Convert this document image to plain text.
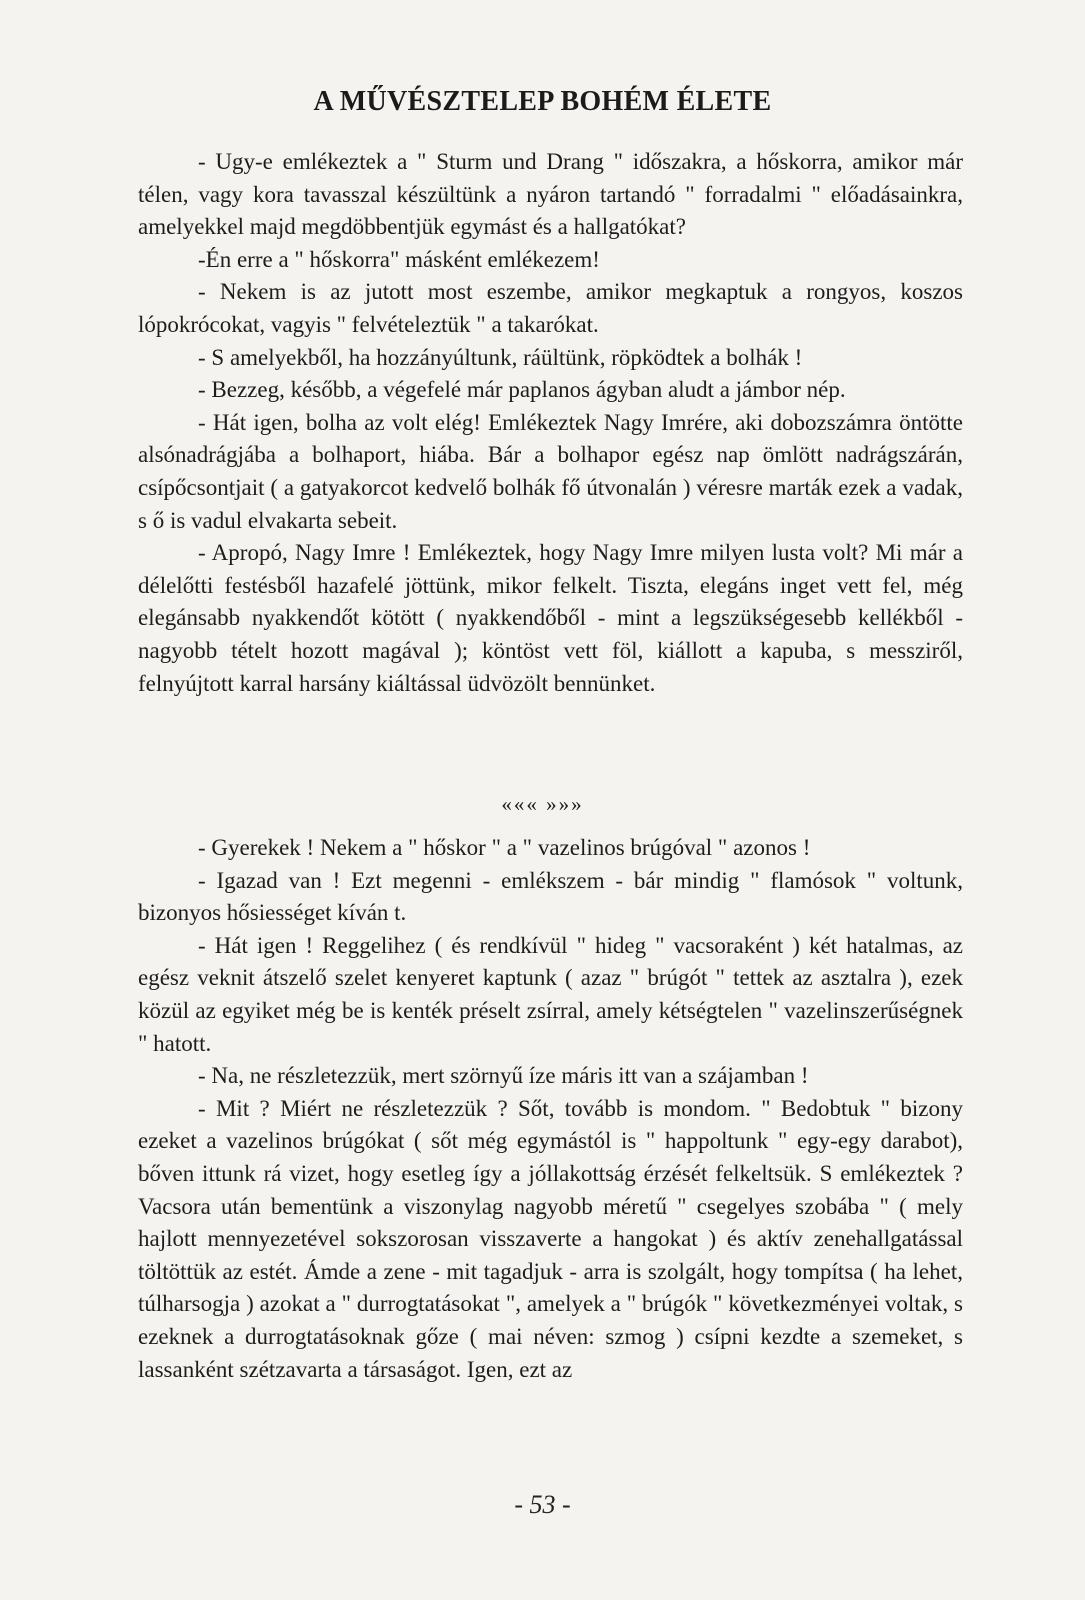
A MŰVÉSZTELEP BOHÉM ÉLETE

- Ugy-e emlékeztek a " Sturm und Drang " időszakra, a hőskorra, amikor már télen, vagy kora tavasszal készültünk a nyáron tartandó " forradalmi " előadásainkra, amelyekkel majd megdöbbentjük egymást és a hallgatókat?

-Én erre a " hőskorra" másként emlékezem!

- Nekem is az jutott most eszembe, amikor megkaptuk a rongyos, koszos lópokrócokat, vagyis " felvételeztük " a takarókat.

- S amelyekből, ha hozzányúltunk, ráültünk, röpködtek a bolhák !

- Bezzeg, később, a végefelé már paplanos ágyban aludt a jámbor nép.

- Hát igen, bolha az volt elég! Emlékeztek Nagy Imrére, aki dobozszámra öntötte alsónadrágjába a bolhaport, hiába. Bár a bolhapor egész nap ömlött nadrágszárán, csípőcsontjait ( a gatyakorcot kedvelő bolhák fő útvonalán ) véresre marták ezek a vadak, s ő is vadul elvakarta sebeit.

- Apropó, Nagy Imre ! Emlékeztek, hogy Nagy Imre milyen lusta volt? Mi már a délelőtti festésből hazafelé jöttünk, mikor felkelt. Tiszta, elegáns inget vett fel, még elegánsabb nyakkendőt kötött ( nyakkendőből - mint a legszükségesebb kellékből - nagyobb tételt hozott magával ); köntöst vett föl, kiállott a kapuba, s messziről, felnyújtott karral harsány kiáltással üdvözölt bennünket.

««« »»»

- Gyerekek ! Nekem a " hőskor " a " vazelinos brúgóval " azonos !

- Igazad van ! Ezt megenni - emlékszem - bár mindig " flamósok " voltunk, bizonyos hősiességet kíván t.

- Hát igen ! Reggelihez ( és rendkívül " hideg " vacsoraként ) két hatalmas, az egész veknit átszelő szelet kenyeret kaptunk ( azaz " brúgót " tettek az asztalra ), ezek közül az egyiket még be is kenték préselt zsírral, amely kétségtelen " vazelinszerűségnek " hatott.

- Na, ne részletezzük, mert szörnyű íze máris itt van a szájamban !

- Mit ? Miért ne részletezzük ? Sőt, tovább is mondom. " Bedobtuk " bizony ezeket a vazelinos brúgókat ( sőt még egymástól is " happoltunk " egy-egy darabot), bőven ittunk rá vizet, hogy esetleg így a jóllakottság érzését felkeltsük. S emlékeztek ? Vacsora után bementünk a viszonylag nagyobb méretű " csegelyes szobába " ( mely hajlott mennyezetével sokszorosan visszaverte a hangokat ) és aktív zenehallgatással töltöttük az estét. Ámde a zene - mit tagadjuk - arra is szolgált, hogy tompítsa ( ha lehet, túlharsogja ) azokat a " durrogtatásokat ", amelyek a " brúgók " következményei voltak, s ezeknek a durrogtatásoknak gőze ( mai néven: szmog ) csípni kezdte a szemeket, s lassanként szétzavarta a társaságot. Igen, ezt az

- 53 -
